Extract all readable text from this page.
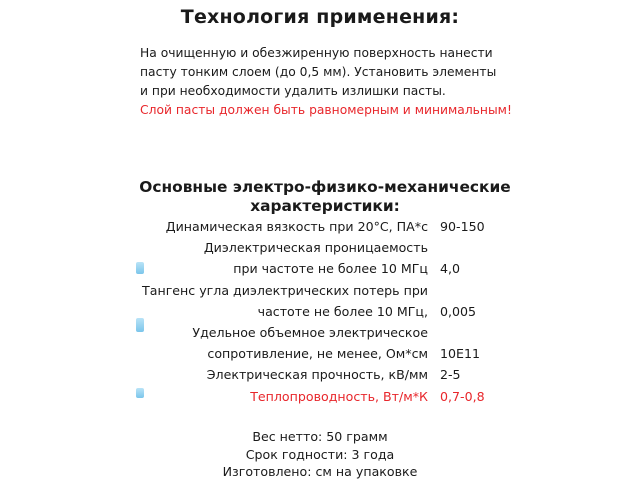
Технология применения:
На очищенную и обезжиренную поверхность нанести
пасту тонким слоем (до 0,5 мм). Установить элементы
и при необходимости удалить излишки пасты.
Слой пасты должен быть равномерным и минимальным!
Основные электро-физико-механические
характеристики:
Динамическая вязкость при 20°С, ПА*с 90-150
Диэлектрическая проницаемость
при частоте не более 10 МГц 4,0
Тангенс угла диэлектрических потерь при
частоте не более 10 МГц, 0,005
Удельное объемное электрическое
сопротивление, не менее, Ом*см 10E11
Электрическая прочность, кВ/мм 2-5
Теплопроводность, Вт/м*К 0,7-0,8
Вес нетто: 50 грамм
Срок годности: 3 года
Изготовлено: см на упаковке
